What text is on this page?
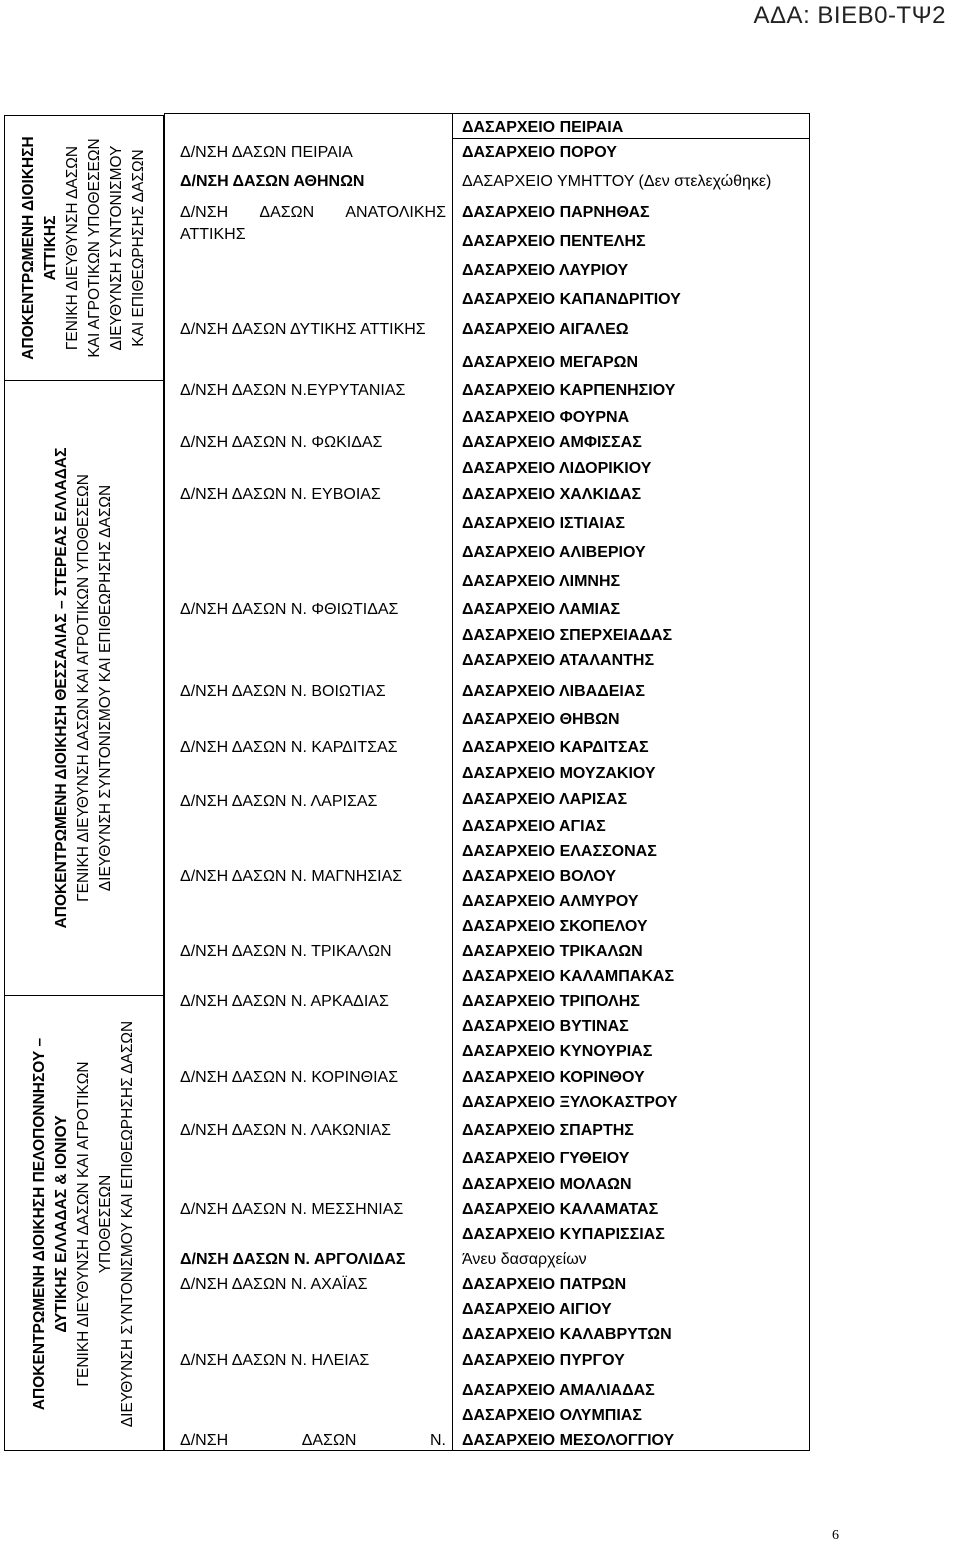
ΑΔΑ: ΒΙΕΒ0-ΤΨ2
ΑΠΟΚΕΝΤΡΩΜΕΝΗ ΔΙΟΙΚΗΣΗ ΑΤΤΙΚΗΣ ΓΕΝΙΚΗ ΔΙΕΥΘΥΝΣΗ ΔΑΣΩΝ ΚΑΙ ΑΓΡΟΤΙΚΩΝ ΥΠΟΘΕΣΕΩΝ ΔΙΕΥΘΥΝΣΗ ΣΥΝΤΟΝΙΣΜΟΥ ΚΑΙ ΕΠΙΘΕΩΡΗΣΗΣ ΔΑΣΩΝ
ΑΠΟΚΕΝΤΡΩΜΕΝΗ ΔΙΟΙΚΗΣΗ ΘΕΣΣΑΛΙΑΣ – ΣΤΕΡΕΑΣ ΕΛΛΑΔΑΣ ΓΕΝΙΚΗ ΔΙΕΥΘΥΝΣΗ ΔΑΣΩΝ ΚΑΙ ΑΓΡΟΤΙΚΩΝ ΥΠΟΘΕΣΕΩΝ ΔΙΕΥΘΥΝΣΗ ΣΥΝΤΟΝΙΣΜΟΥ ΚΑΙ ΕΠΙΘΕΩΡΗΣΗΣ ΔΑΣΩΝ
ΑΠΟΚΕΝΤΡΩΜΕΝΗ ΔΙΟΙΚΗΣΗ ΠΕΛΟΠΟΝΝΗΣΟΥ – ΔΥΤΙΚΗΣ ΕΛΛΑΔΑΣ & ΙΟΝΙΟΥ ΓΕΝΙΚΗ ΔΙΕΥΘΥΝΣΗ ΔΑΣΩΝ ΚΑΙ ΑΓΡΟΤΙΚΩΝ ΥΠΟΘΕΣΕΩΝ ΔΙΕΥΘΥΝΣΗ ΣΥΝΤΟΝΙΣΜΟΥ ΚΑΙ ΕΠΙΘΕΩΡΗΣΗΣ ΔΑΣΩΝ
Δ/ΝΣΗ ΔΑΣΩΝ ΠΕΙΡΑΙΑ
Δ/ΝΣΗ ΔΑΣΩΝ ΑΘΗΝΩΝ
Δ/ΝΣΗ ΔΑΣΩΝ ΑΝΑΤΟΛΙΚΗΣ
ΑΤΤΙΚΗΣ
Δ/ΝΣΗ ΔΑΣΩΝ ΔΥΤΙΚΗΣ ΑΤΤΙΚΗΣ
Δ/ΝΣΗ ΔΑΣΩΝ Ν.ΕΥΡΥΤΑΝΙΑΣ
Δ/ΝΣΗ ΔΑΣΩΝ Ν. ΦΩΚΙΔΑΣ
Δ/ΝΣΗ ΔΑΣΩΝ Ν. ΕΥΒΟΙΑΣ
Δ/ΝΣΗ ΔΑΣΩΝ Ν. ΦΘΙΩΤΙΔΑΣ
Δ/ΝΣΗ ΔΑΣΩΝ Ν. ΒΟΙΩΤΙΑΣ
Δ/ΝΣΗ ΔΑΣΩΝ Ν. ΚΑΡΔΙΤΣΑΣ
Δ/ΝΣΗ ΔΑΣΩΝ Ν. ΛΑΡΙΣΑΣ
Δ/ΝΣΗ ΔΑΣΩΝ Ν. ΜΑΓΝΗΣΙΑΣ
Δ/ΝΣΗ ΔΑΣΩΝ Ν. ΤΡΙΚΑΛΩΝ
Δ/ΝΣΗ ΔΑΣΩΝ Ν. ΑΡΚΑΔΙΑΣ
Δ/ΝΣΗ ΔΑΣΩΝ Ν. ΚΟΡΙΝΘΙΑΣ
Δ/ΝΣΗ ΔΑΣΩΝ Ν. ΛΑΚΩΝΙΑΣ
Δ/ΝΣΗ ΔΑΣΩΝ Ν. ΜΕΣΣΗΝΙΑΣ
Δ/ΝΣΗ ΔΑΣΩΝ Ν. ΑΡΓΟΛΙΔΑΣ
Δ/ΝΣΗ ΔΑΣΩΝ Ν. ΑΧΑΪΑΣ
Δ/ΝΣΗ ΔΑΣΩΝ Ν. ΗΛΕΙΑΣ
Δ/ΝΣΗ	ΔΑΣΩΝ	Ν.
ΔΑΣΑΡΧΕΙΟ ΠΕΙΡΑΙΑ
ΔΑΣΑΡΧΕΙΟ ΠΟΡΟΥ
ΔΑΣΑΡΧΕΙΟ ΥΜΗΤΤΟΥ (Δεν στελεχώθηκε)
ΔΑΣΑΡΧΕΙΟ ΠΑΡΝΗΘΑΣ
ΔΑΣΑΡΧΕΙΟ ΠΕΝΤΕΛΗΣ
ΔΑΣΑΡΧΕΙΟ ΛΑΥΡΙΟΥ
ΔΑΣΑΡΧΕΙΟ ΚΑΠΑΝΔΡΙΤΙΟΥ
ΔΑΣΑΡΧΕΙΟ ΑΙΓΑΛΕΩ
ΔΑΣΑΡΧΕΙΟ ΜΕΓΑΡΩΝ
ΔΑΣΑΡΧΕΙΟ ΚΑΡΠΕΝΗΣΙΟΥ
ΔΑΣΑΡΧΕΙΟ ΦΟΥΡΝΑ
ΔΑΣΑΡΧΕΙΟ ΑΜΦΙΣΣΑΣ
ΔΑΣΑΡΧΕΙΟ ΛΙΔΟΡΙΚΙΟΥ
ΔΑΣΑΡΧΕΙΟ ΧΑΛΚΙΔΑΣ
ΔΑΣΑΡΧΕΙΟ ΙΣΤΙΑΙΑΣ
ΔΑΣΑΡΧΕΙΟ ΑΛΙΒΕΡΙΟΥ
ΔΑΣΑΡΧΕΙΟ ΛΙΜΝΗΣ
ΔΑΣΑΡΧΕΙΟ ΛΑΜΙΑΣ
ΔΑΣΑΡΧΕΙΟ ΣΠΕΡΧΕΙΑΔΑΣ
ΔΑΣΑΡΧΕΙΟ ΑΤΑΛΑΝΤΗΣ
ΔΑΣΑΡΧΕΙΟ ΛΙΒΑΔΕΙΑΣ
ΔΑΣΑΡΧΕΙΟ ΘΗΒΩΝ
ΔΑΣΑΡΧΕΙΟ ΚΑΡΔΙΤΣΑΣ
ΔΑΣΑΡΧΕΙΟ ΜΟΥΖΑΚΙΟΥ
ΔΑΣΑΡΧΕΙΟ ΛΑΡΙΣΑΣ
ΔΑΣΑΡΧΕΙΟ ΑΓΙΑΣ
ΔΑΣΑΡΧΕΙΟ ΕΛΑΣΣΟΝΑΣ
ΔΑΣΑΡΧΕΙΟ ΒΟΛΟΥ
ΔΑΣΑΡΧΕΙΟ ΑΛΜΥΡΟΥ
ΔΑΣΑΡΧΕΙΟ ΣΚΟΠΕΛΟΥ
ΔΑΣΑΡΧΕΙΟ ΤΡΙΚΑΛΩΝ
ΔΑΣΑΡΧΕΙΟ ΚΑΛΑΜΠΑΚΑΣ
ΔΑΣΑΡΧΕΙΟ ΤΡΙΠΟΛΗΣ
ΔΑΣΑΡΧΕΙΟ ΒΥΤΙΝΑΣ
ΔΑΣΑΡΧΕΙΟ ΚΥΝΟΥΡΙΑΣ
ΔΑΣΑΡΧΕΙΟ ΚΟΡΙΝΘΟΥ
ΔΑΣΑΡΧΕΙΟ ΞΥΛΟΚΑΣΤΡΟΥ
ΔΑΣΑΡΧΕΙΟ ΣΠΑΡΤΗΣ
ΔΑΣΑΡΧΕΙΟ ΓΥΘΕΙΟΥ
ΔΑΣΑΡΧΕΙΟ ΜΟΛΑΩΝ
ΔΑΣΑΡΧΕΙΟ ΚΑΛΑΜΑΤΑΣ
ΔΑΣΑΡΧΕΙΟ ΚΥΠΑΡΙΣΣΙΑΣ
Άνευ δασαρχείων
ΔΑΣΑΡΧΕΙΟ ΠΑΤΡΩΝ
ΔΑΣΑΡΧΕΙΟ ΑΙΓΙΟΥ
ΔΑΣΑΡΧΕΙΟ ΚΑΛΑΒΡΥΤΩΝ
ΔΑΣΑΡΧΕΙΟ ΠΥΡΓΟΥ
ΔΑΣΑΡΧΕΙΟ ΑΜΑΛΙΑΔΑΣ
ΔΑΣΑΡΧΕΙΟ ΟΛΥΜΠΙΑΣ
ΔΑΣΑΡΧΕΙΟ ΜΕΣΟΛΟΓΓΙΟΥ
6
